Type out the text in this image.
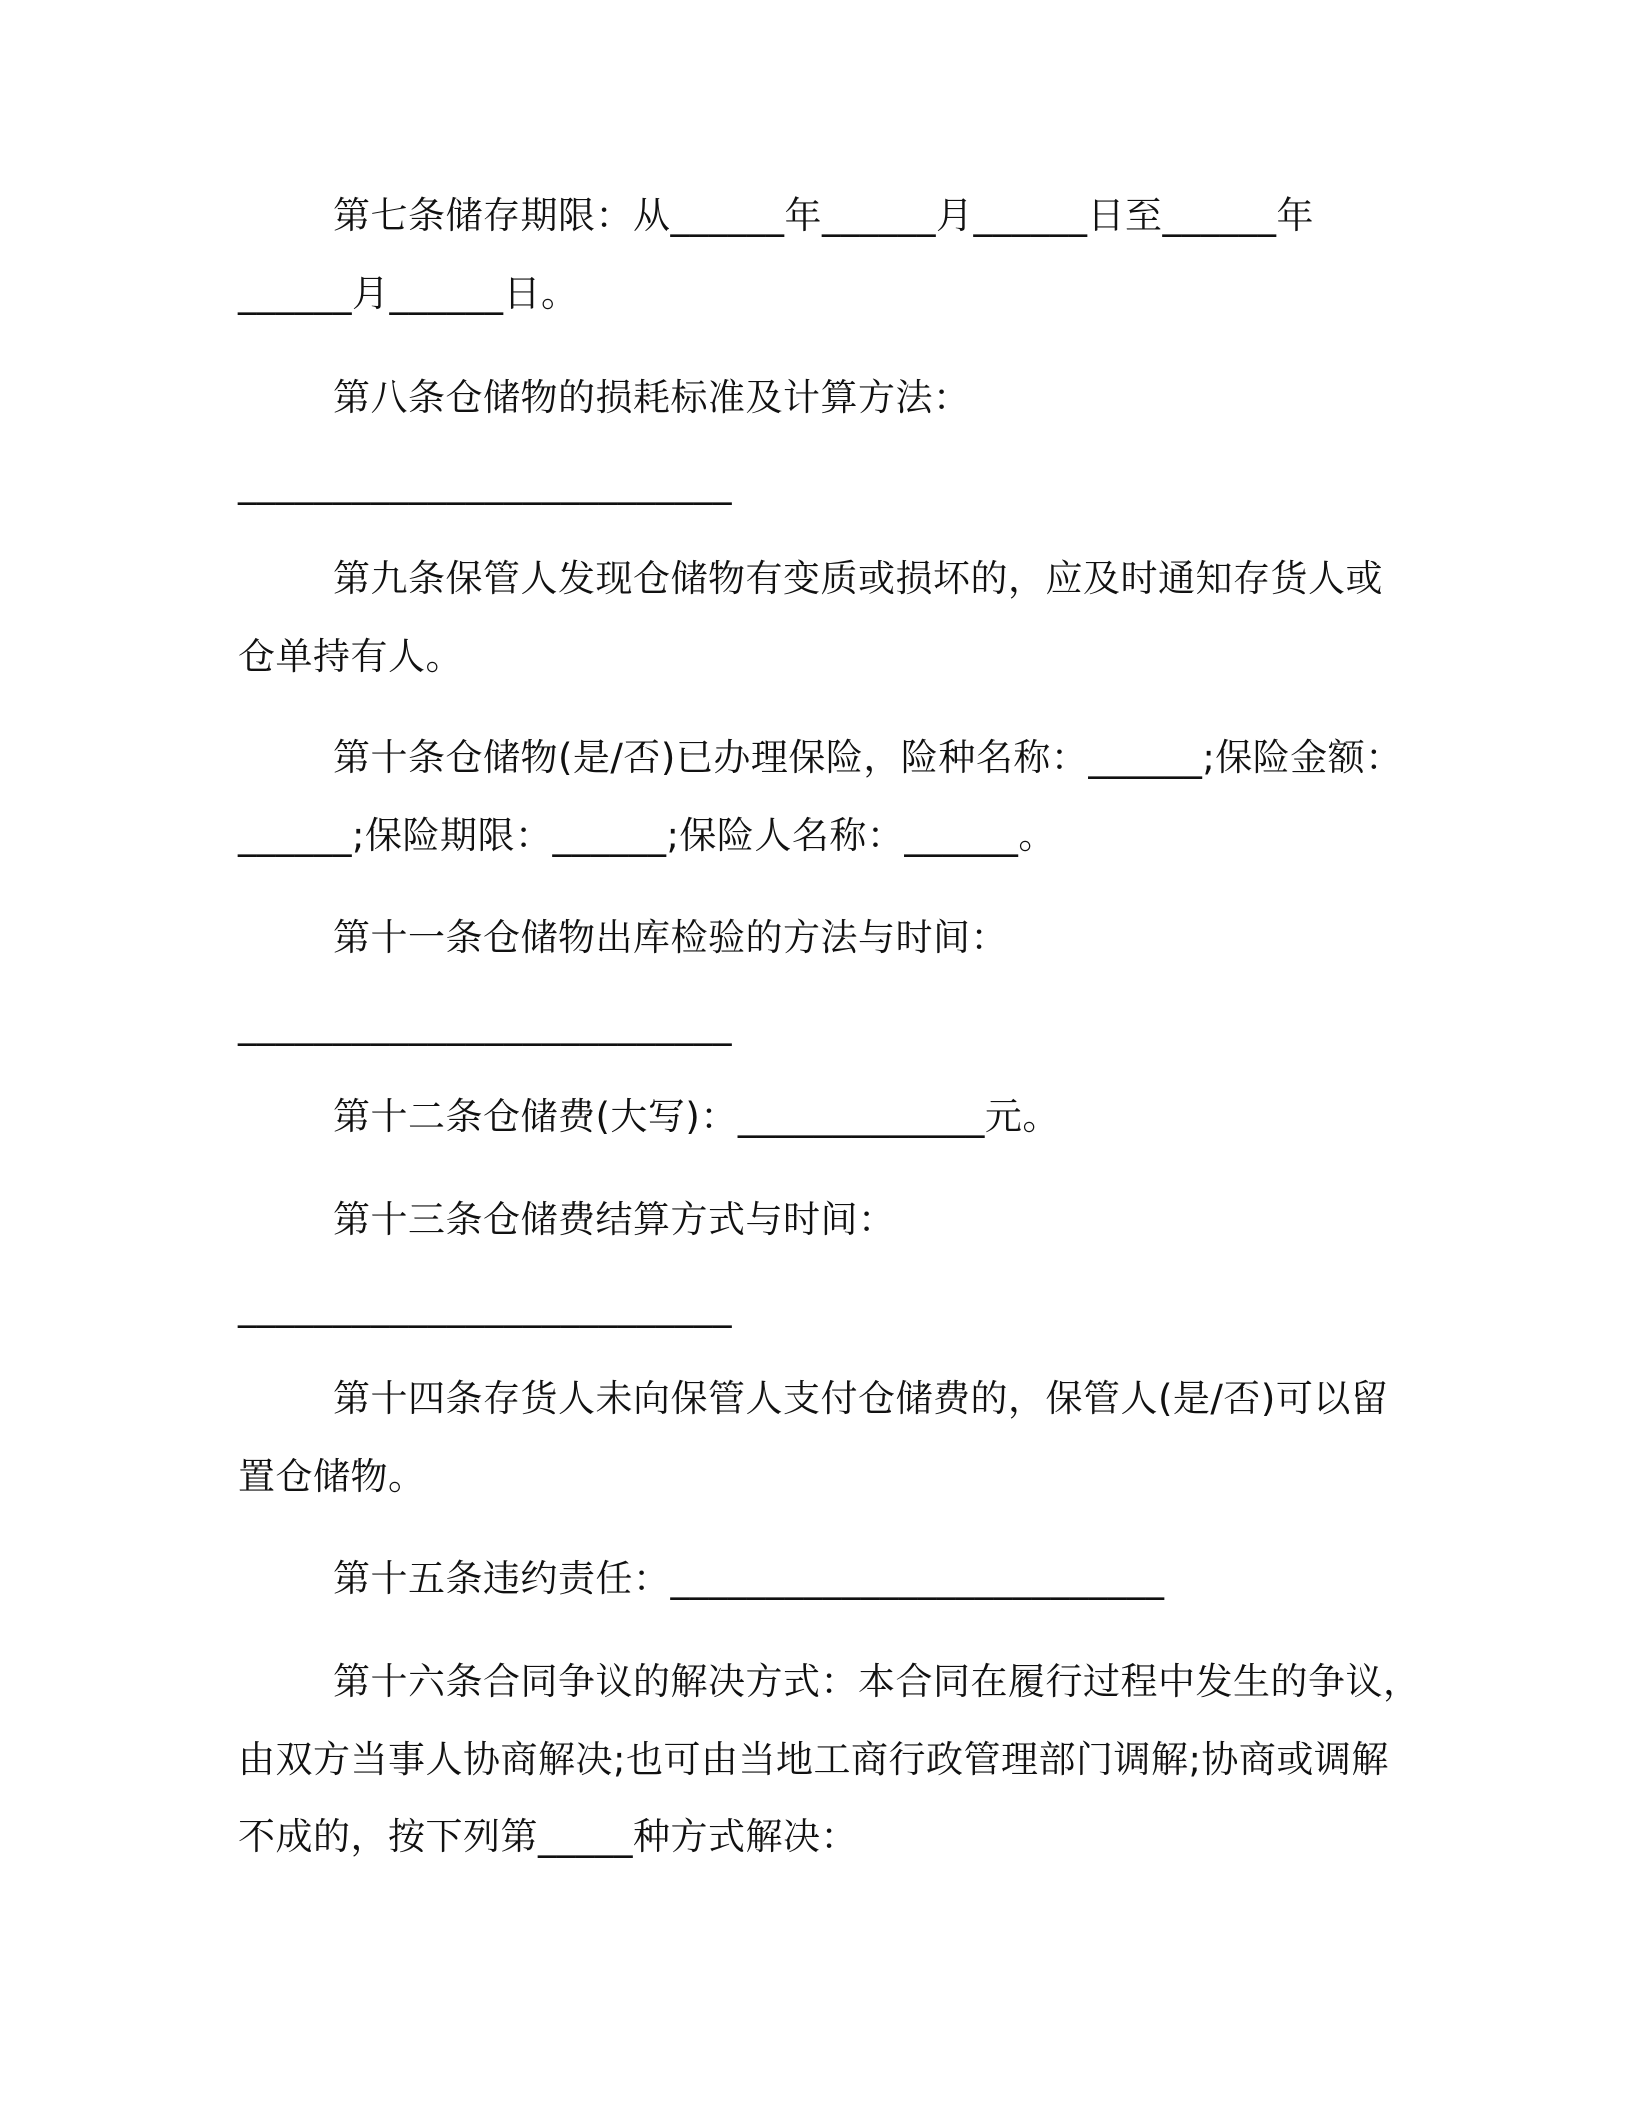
第七条储存期限：从______年______月______日至______年
______月______日。
第八条仓储物的损耗标准及计算方法：
__________________________
第九条保管人发现仓储物有变质或损坏的，应及时通知存货人或
仓单持有人。
第十条仓储物(是/否)已办理保险，险种名称：______;保险金额：
______;保险期限：______;保险人名称：______。
第十一条仓储物出库检验的方法与时间：
__________________________
第十二条仓储费(大写)：_____________元。
第十三条仓储费结算方式与时间：
__________________________
第十四条存货人未向保管人支付仓储费的，保管人(是/否)可以留
置仓储物。
第十五条违约责任：__________________________
第十六条合同争议的解决方式：本合同在履行过程中发生的争议，
由双方当事人协商解决;也可由当地工商行政管理部门调解;协商或调解
不成的，按下列第_____种方式解决：
